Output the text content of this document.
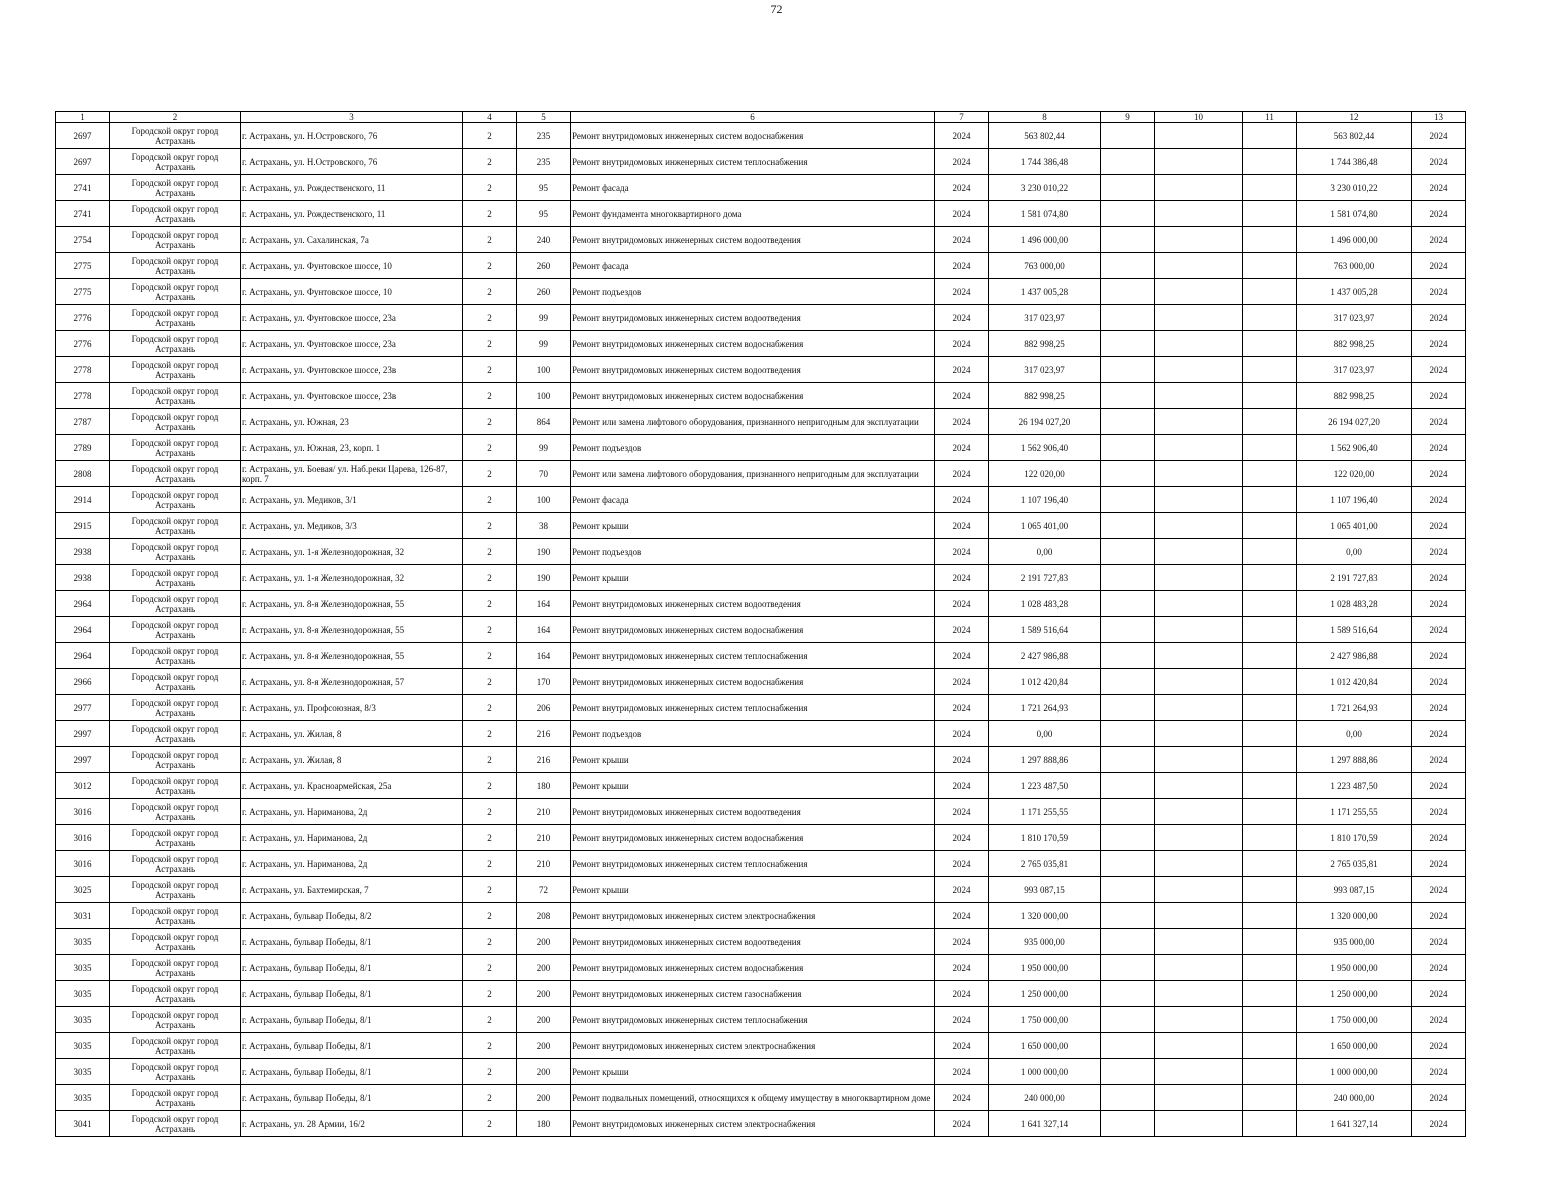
72
1	2	3	4	5	6	7	8	9	10	11	12	13
2697	Городской округ город Астрахань	г. Астрахань, ул. Н.Островского, 76	2	235	Ремонт внутридомовых инженерных систем водоснабжения	2024	563 802,44				563 802,44	2024
2697	Городской округ город Астрахань	г. Астрахань, ул. Н.Островского, 76	2	235	Ремонт внутридомовых инженерных систем теплоснабжения	2024	1 744 386,48				1 744 386,48	2024
2741	Городской округ город Астрахань	г. Астрахань, ул. Рождественского, 11	2	95	Ремонт фасада	2024	3 230 010,22				3 230 010,22	2024
2741	Городской округ город Астрахань	г. Астрахань, ул. Рождественского, 11	2	95	Ремонт фундамента многоквартирного дома	2024	1 581 074,80				1 581 074,80	2024
2754	Городской округ город Астрахань	г. Астрахань, ул. Сахалинская, 7а	2	240	Ремонт внутридомовых инженерных систем водоотведения	2024	1 496 000,00				1 496 000,00	2024
2775	Городской округ город Астрахань	г. Астрахань, ул. Фунтовское шоссе, 10	2	260	Ремонт фасада	2024	763 000,00				763 000,00	2024
2775	Городской округ город Астрахань	г. Астрахань, ул. Фунтовское шоссе, 10	2	260	Ремонт подъездов	2024	1 437 005,28				1 437 005,28	2024
2776	Городской округ город Астрахань	г. Астрахань, ул. Фунтовское шоссе, 23а	2	99	Ремонт внутридомовых инженерных систем водоотведения	2024	317 023,97				317 023,97	2024
2776	Городской округ город Астрахань	г. Астрахань, ул. Фунтовское шоссе, 23а	2	99	Ремонт внутридомовых инженерных систем водоснабжения	2024	882 998,25				882 998,25	2024
2778	Городской округ город Астрахань	г. Астрахань, ул. Фунтовское шоссе, 23в	2	100	Ремонт внутридомовых инженерных систем водоотведения	2024	317 023,97				317 023,97	2024
2778	Городской округ город Астрахань	г. Астрахань, ул. Фунтовское шоссе, 23в	2	100	Ремонт внутридомовых инженерных систем водоснабжения	2024	882 998,25				882 998,25	2024
2787	Городской округ город Астрахань	г. Астрахань, ул. Южная, 23	2	864	Ремонт или замена лифтового оборудования, признанного непригодным для эксплуатации	2024	26 194 027,20				26 194 027,20	2024
2789	Городской округ город Астрахань	г. Астрахань, ул. Южная, 23, корп. 1	2	99	Ремонт подъездов	2024	1 562 906,40				1 562 906,40	2024
2808	Городской округ город Астрахань	г. Астрахань, ул. Боевая/ ул. Наб.реки Царева, 126-87, корп. 7	2	70	Ремонт или замена лифтового оборудования, признанного непригодным для эксплуатации	2024	122 020,00				122 020,00	2024
2914	Городской округ город Астрахань	г. Астрахань, ул. Медиков, 3/1	2	100	Ремонт фасада	2024	1 107 196,40				1 107 196,40	2024
2915	Городской округ город Астрахань	г. Астрахань, ул. Медиков, 3/3	2	38	Ремонт крыши	2024	1 065 401,00				1 065 401,00	2024
2938	Городской округ город Астрахань	г. Астрахань, ул. 1-я Железнодорожная, 32	2	190	Ремонт подъездов	2024	0,00				0,00	2024
2938	Городской округ город Астрахань	г. Астрахань, ул. 1-я Железнодорожная, 32	2	190	Ремонт крыши	2024	2 191 727,83				2 191 727,83	2024
2964	Городской округ город Астрахань	г. Астрахань, ул. 8-я Железнодорожная, 55	2	164	Ремонт внутридомовых инженерных систем водоотведения	2024	1 028 483,28				1 028 483,28	2024
2964	Городской округ город Астрахань	г. Астрахань, ул. 8-я Железнодорожная, 55	2	164	Ремонт внутридомовых инженерных систем водоснабжения	2024	1 589 516,64				1 589 516,64	2024
2964	Городской округ город Астрахань	г. Астрахань, ул. 8-я Железнодорожная, 55	2	164	Ремонт внутридомовых инженерных систем теплоснабжения	2024	2 427 986,88				2 427 986,88	2024
2966	Городской округ город Астрахань	г. Астрахань, ул. 8-я Железнодорожная, 57	2	170	Ремонт внутридомовых инженерных систем водоснабжения	2024	1 012 420,84				1 012 420,84	2024
2977	Городской округ город Астрахань	г. Астрахань, ул. Профсоюзная, 8/3	2	206	Ремонт внутридомовых инженерных систем теплоснабжения	2024	1 721 264,93				1 721 264,93	2024
2997	Городской округ город Астрахань	г. Астрахань, ул. Жилая, 8	2	216	Ремонт подъездов	2024	0,00				0,00	2024
2997	Городской округ город Астрахань	г. Астрахань, ул. Жилая, 8	2	216	Ремонт крыши	2024	1 297 888,86				1 297 888,86	2024
3012	Городской округ город Астрахань	г. Астрахань, ул. Красноармейская, 25а	2	180	Ремонт крыши	2024	1 223 487,50				1 223 487,50	2024
3016	Городской округ город Астрахань	г. Астрахань, ул. Нариманова, 2д	2	210	Ремонт внутридомовых инженерных систем водоотведения	2024	1 171 255,55				1 171 255,55	2024
3016	Городской округ город Астрахань	г. Астрахань, ул. Нариманова, 2д	2	210	Ремонт внутридомовых инженерных систем водоснабжения	2024	1 810 170,59				1 810 170,59	2024
3016	Городской округ город Астрахань	г. Астрахань, ул. Нариманова, 2д	2	210	Ремонт внутридомовых инженерных систем теплоснабжения	2024	2 765 035,81				2 765 035,81	2024
3025	Городской округ город Астрахань	г. Астрахань, ул. Бахтемирская, 7	2	72	Ремонт крыши	2024	993 087,15				993 087,15	2024
3031	Городской округ город Астрахань	г. Астрахань, бульвар Победы, 8/2	2	208	Ремонт внутридомовых инженерных систем электроснабжения	2024	1 320 000,00				1 320 000,00	2024
3035	Городской округ город Астрахань	г. Астрахань, бульвар Победы, 8/1	2	200	Ремонт внутридомовых инженерных систем водоотведения	2024	935 000,00				935 000,00	2024
3035	Городской округ город Астрахань	г. Астрахань, бульвар Победы, 8/1	2	200	Ремонт внутридомовых инженерных систем водоснабжения	2024	1 950 000,00				1 950 000,00	2024
3035	Городской округ город Астрахань	г. Астрахань, бульвар Победы, 8/1	2	200	Ремонт внутридомовых инженерных систем газоснабжения	2024	1 250 000,00				1 250 000,00	2024
3035	Городской округ город Астрахань	г. Астрахань, бульвар Победы, 8/1	2	200	Ремонт внутридомовых инженерных систем теплоснабжения	2024	1 750 000,00				1 750 000,00	2024
3035	Городской округ город Астрахань	г. Астрахань, бульвар Победы, 8/1	2	200	Ремонт внутридомовых инженерных систем электроснабжения	2024	1 650 000,00				1 650 000,00	2024
3035	Городской округ город Астрахань	г. Астрахань, бульвар Победы, 8/1	2	200	Ремонт крыши	2024	1 000 000,00				1 000 000,00	2024
3035	Городской округ город Астрахань	г. Астрахань, бульвар Победы, 8/1	2	200	Ремонт подвальных помещений, относящихся к общему имуществу в многоквартирном доме	2024	240 000,00				240 000,00	2024
3041	Городской округ город Астрахань	г. Астрахань, ул. 28 Армии, 16/2	2	180	Ремонт внутридомовых инженерных систем электроснабжения	2024	1 641 327,14				1 641 327,14	2024
